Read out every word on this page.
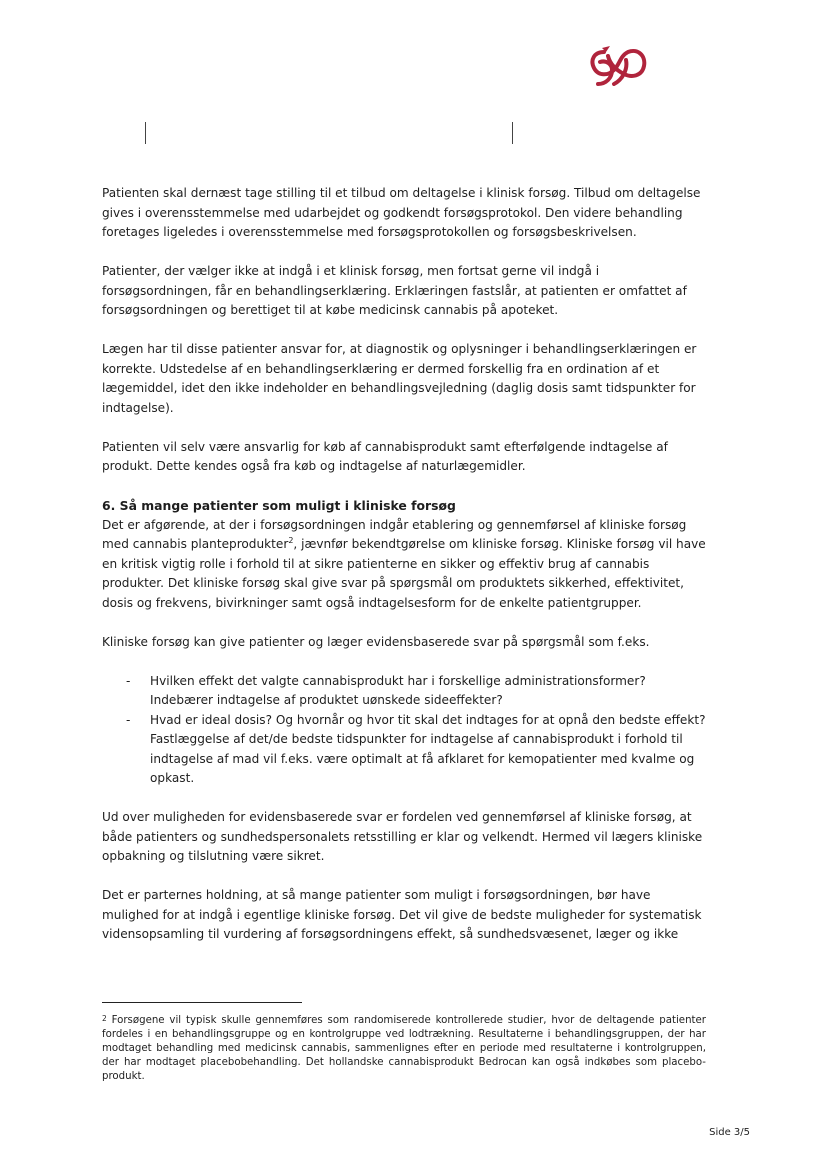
Patienten skal dernæst tage stilling til et tilbud om deltagelse i klinisk forsøg. Tilbud om deltagelse gives i overensstemmelse med udarbejdet og godkendt forsøgsprotokol. Den videre behandling foretages ligeledes i overensstemmelse med forsøgsprotokollen og forsøgsbeskrivelsen.

Patienter, der vælger ikke at indgå i et klinisk forsøg, men fortsat gerne vil indgå i forsøgsordningen, får en behandlingserklæring. Erklæringen fastslår, at patienten er omfattet af forsøgsordningen og berettiget til at købe medicinsk cannabis på apoteket.

Lægen har til disse patienter ansvar for, at diagnostik og oplysninger i behandlingserklæringen er korrekte. Udstedelse af en behandlingserklæring er dermed forskellig fra en ordination af et lægemiddel, idet den ikke indeholder en behandlingsvejledning (daglig dosis samt tidspunkter for indtagelse).

Patienten vil selv være ansvarlig for køb af cannabisprodukt samt efterfølgende indtagelse af produkt. Dette kendes også fra køb og indtagelse af naturlægemidler.

6. Så mange patienter som muligt i kliniske forsøg

Det er afgørende, at der i forsøgsordningen indgår etablering og gennemførsel af kliniske forsøg med cannabis planteprodukter$^2$, jævnfør bekendtgørelse om kliniske forsøg. Kliniske forsøg vil have en kritisk vigtig rolle i forhold til at sikre patienterne en sikker og effektiv brug af cannabis produkter. Det kliniske forsøg skal give svar på spørgsmål om produktets sikkerhed, effektivitet, dosis og frekvens, bivirkninger samt også indtagelsesform for de enkelte patientgrupper.

Kliniske forsøg kan give patienter og læger evidensbaserede svar på spørgsmål som f.eks.

- Hvilken effekt det valgte cannabisprodukt har i forskellige administrationsformer? Indebærer indtagelse af produktet uønskede sideeffekter?
- Hvad er ideal dosis? Og hvornår og hvor tit skal det indtages for at opnå den bedste effekt? Fastlæggelse af det/de bedste tidspunkter for indtagelse af cannabisprodukt i forhold til indtagelse af mad vil f.eks. være optimalt at få afklaret for kemopatienter med kvalme og opkast.

Ud over muligheden for evidensbaserede svar er fordelen ved gennemførsel af kliniske forsøg, at både patienters og sundhedspersonalets retsstilling er klar og velkendt. Hermed vil lægers kliniske opbakning og tilslutning være sikret.

Det er parternes holdning, at så mange patienter som muligt i forsøgsordningen, bør have mulighed for at indgå i egentlige kliniske forsøg. Det vil give de bedste muligheder for systematisk vidensopsamling til vurdering af forsøgsordningens effekt, så sundhedsvæsenet, læger og ikke

2 Forsøgene vil typisk skulle gennemføres som randomiserede kontrollerede studier, hvor de deltagende patienter fordeles i en behandlingsgruppe og en kontrolgruppe ved lodtrækning. Resultaterne i behandlingsgruppen, der har modtaget behandling med medicinsk cannabis, sammenlignes efter en periode med resultaterne i kontrolgruppen, der har modtaget placebobehandling. Det hollandske cannabisprodukt Bedrocan kan også indkøbes som placebo-produkt.
Side 3/5
